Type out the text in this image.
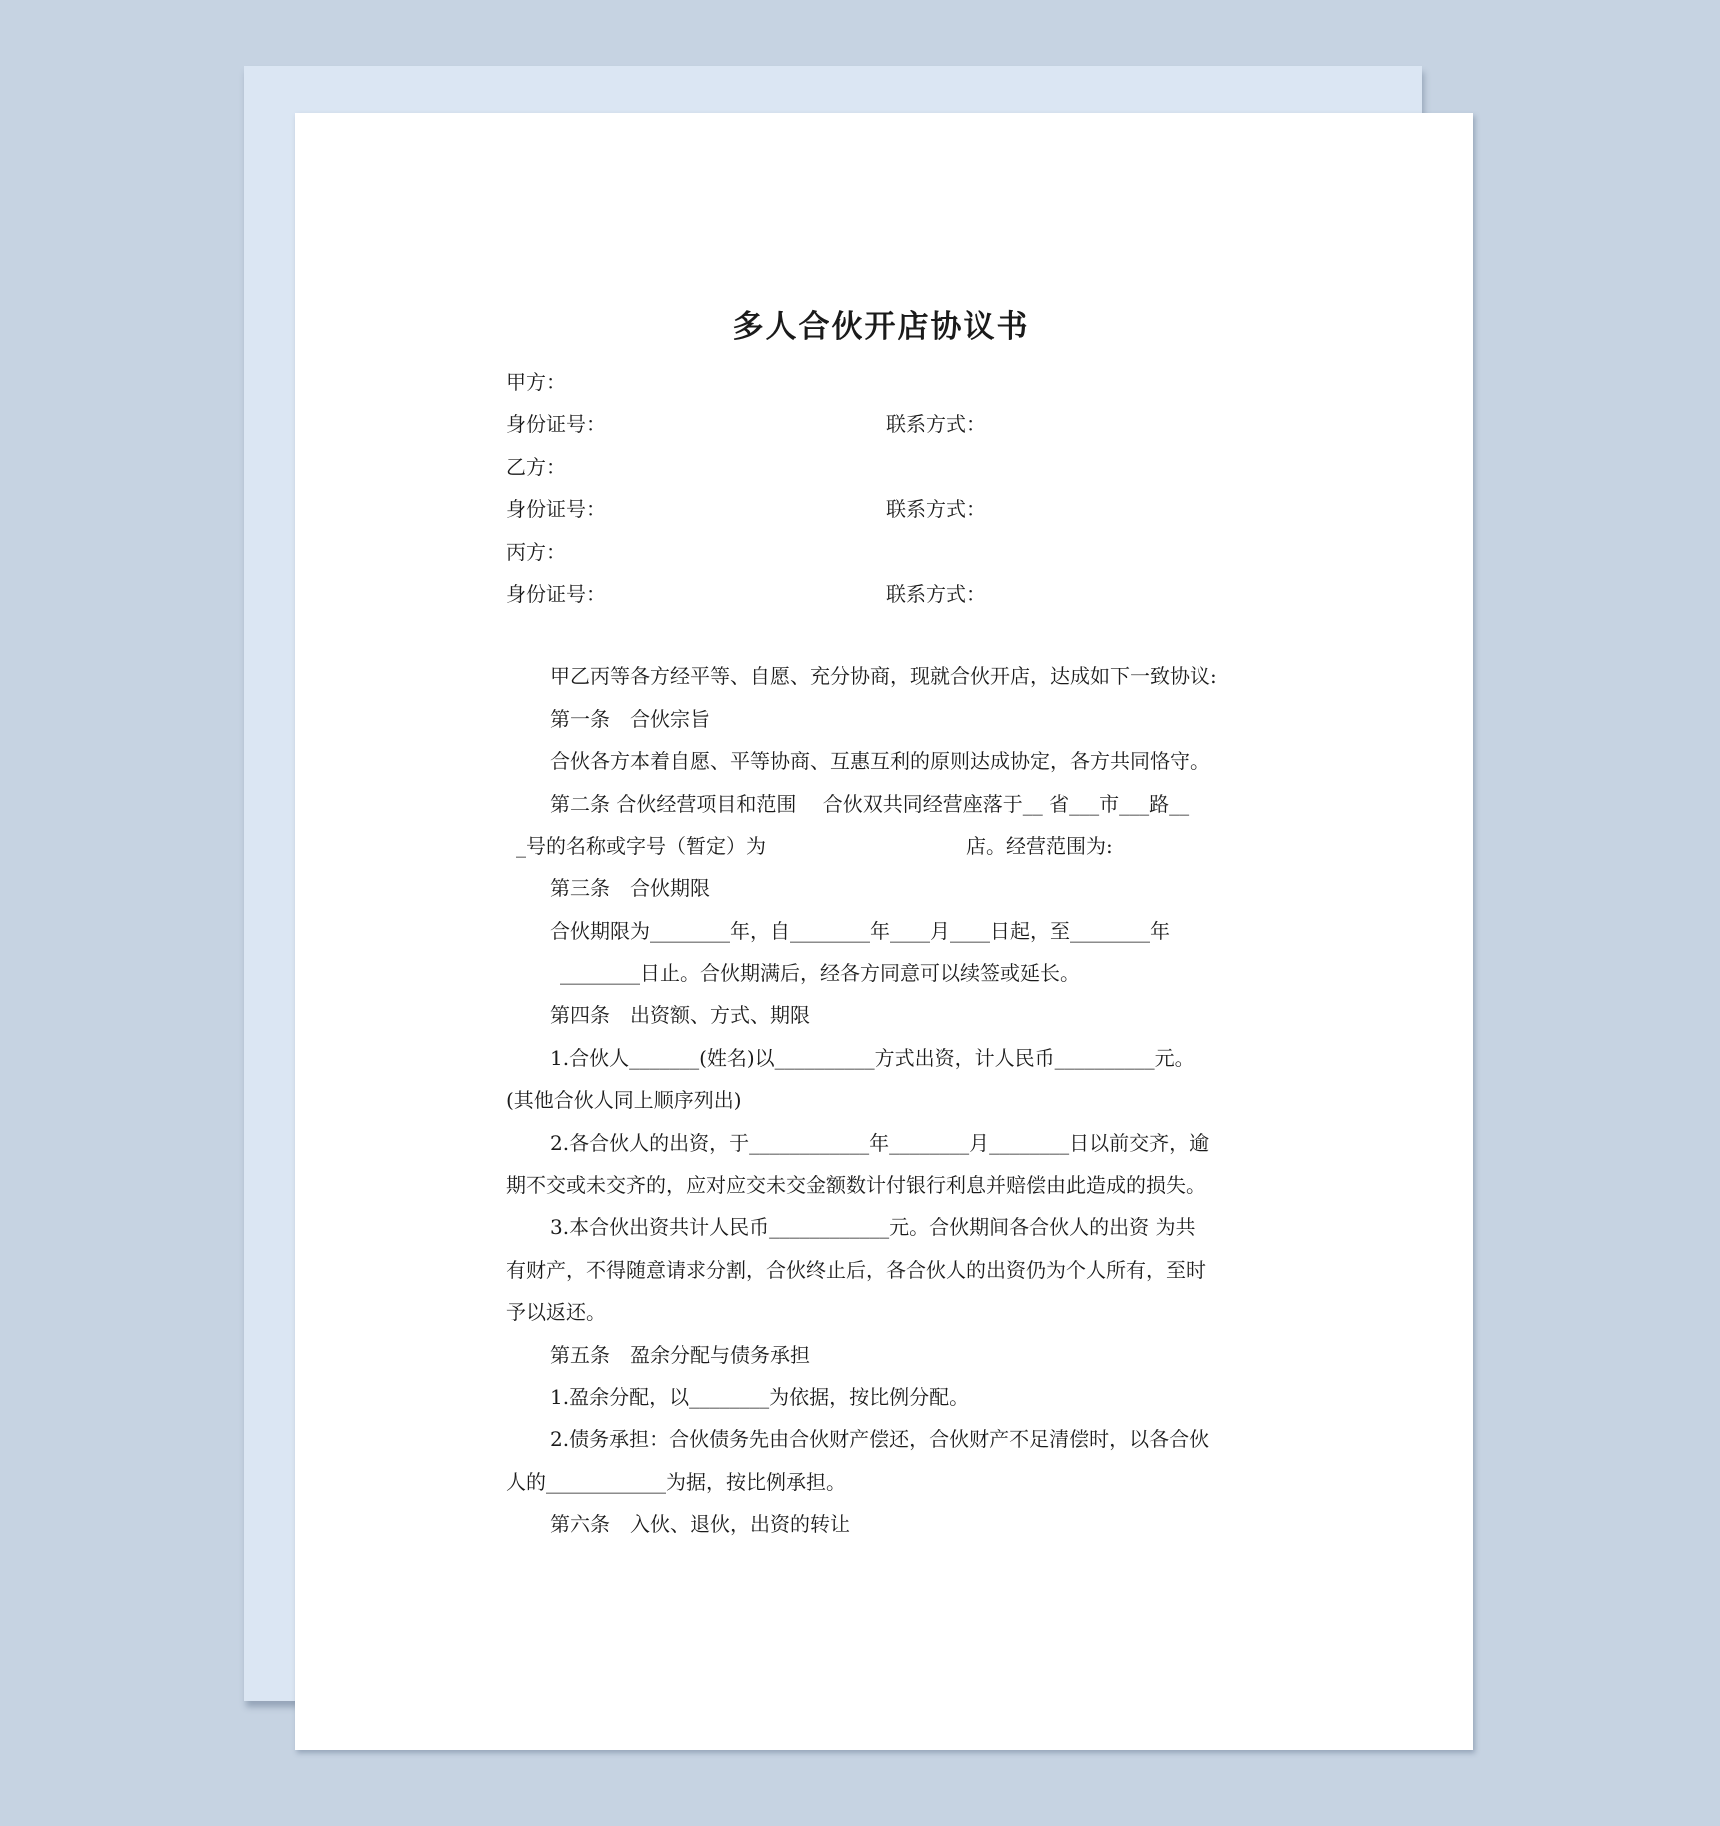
多人合伙开店协议书
甲方：
身份证号：	联系方式：
乙方：
身份证号：	联系方式：
丙方：
身份证号：	联系方式：
甲乙丙等各方经平等、自愿、充分协商，现就合伙开店，达成如下一致协议:
第一条　合伙宗旨
合伙各方本着自愿、平等协商、互惠互利的原则达成协定，各方共同恪守。
第二条 合伙经营项目和范围　 合伙双共同经营座落于__ 省___市___路__
_号的名称或字号（暂定）为　　　　　　　　　　店。经营范围为:
第三条　合伙期限
合伙期限为________年，自________年____月____日起，至________年
________日止。合伙期满后，经各方同意可以续签或延长。
第四条　出资额、方式、期限
1.合伙人_______(姓名)以__________方式出资，计人民币__________元。
(其他合伙人同上顺序列出)
2.各合伙人的出资，于____________年________月________日以前交齐，逾
期不交或未交齐的，应对应交未交金额数计付银行利息并赔偿由此造成的损失。
3.本合伙出资共计人民币____________元。合伙期间各合伙人的出资 为共
有财产，不得随意请求分割，合伙终止后，各合伙人的出资仍为个人所有，至时
予以返还。
第五条　盈余分配与债务承担
1.盈余分配，以________为依据，按比例分配。
2.债务承担：合伙债务先由合伙财产偿还，合伙财产不足清偿时，以各合伙
人的____________为据，按比例承担。
第六条　入伙、退伙，出资的转让
